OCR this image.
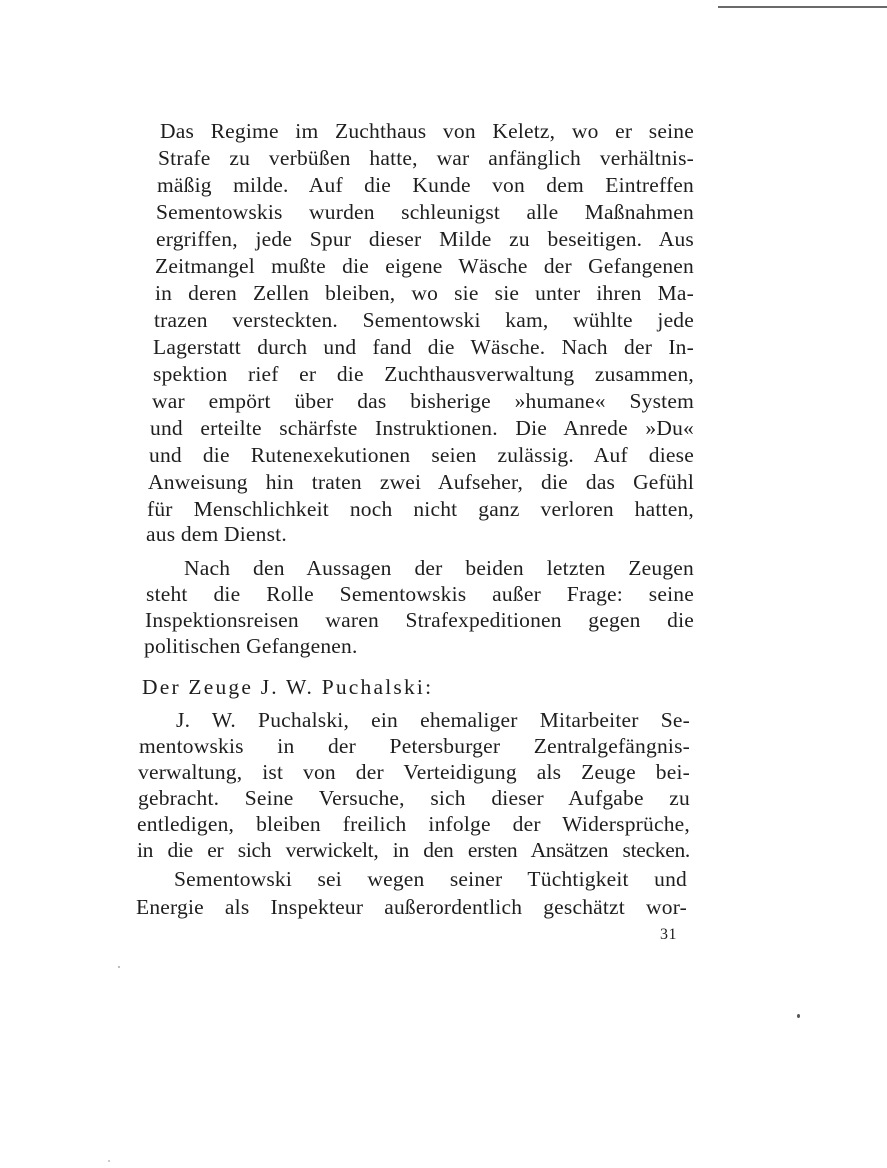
Das Regime im Zuchthaus von Keletz, wo er seine
Strafe zu verbüßen hatte, war anfänglich verhältnis-
mäßig milde. Auf die Kunde von dem Eintreffen
Sementowskis wurden schleunigst alle Maßnahmen
ergriffen, jede Spur dieser Milde zu beseitigen. Aus
Zeitmangel mußte die eigene Wäsche der Gefangenen
in deren Zellen bleiben, wo sie sie unter ihren Ma-
trazen versteckten. Sementowski kam, wühlte jede
Lagerstatt durch und fand die Wäsche. Nach der In-
spektion rief er die Zuchthausverwaltung zusammen,
war empört über das bisherige »humane« System
und erteilte schärfste Instruktionen. Die Anrede »Du«
und die Rutenexekutionen seien zulässig. Auf diese
Anweisung hin traten zwei Aufseher, die das Gefühl
für Menschlichkeit noch nicht ganz verloren hatten,
aus dem Dienst.
Nach den Aussagen der beiden letzten Zeugen
steht die Rolle Sementowskis außer Frage: seine
Inspektionsreisen waren Strafexpeditionen gegen die
politischen Gefangenen.
Der Zeuge J. W. Puchalski:
J. W. Puchalski, ein ehemaliger Mitarbeiter Se-
mentowskis in der Petersburger Zentralgefängnis-
verwaltung, ist von der Verteidigung als Zeuge bei-
gebracht. Seine Versuche, sich dieser Aufgabe zu
entledigen, bleiben freilich infolge der Widersprüche,
in die er sich verwickelt, in den ersten Ansätzen stecken.
Sementowski sei wegen seiner Tüchtigkeit und
Energie als Inspekteur außerordentlich geschätzt wor-
31
